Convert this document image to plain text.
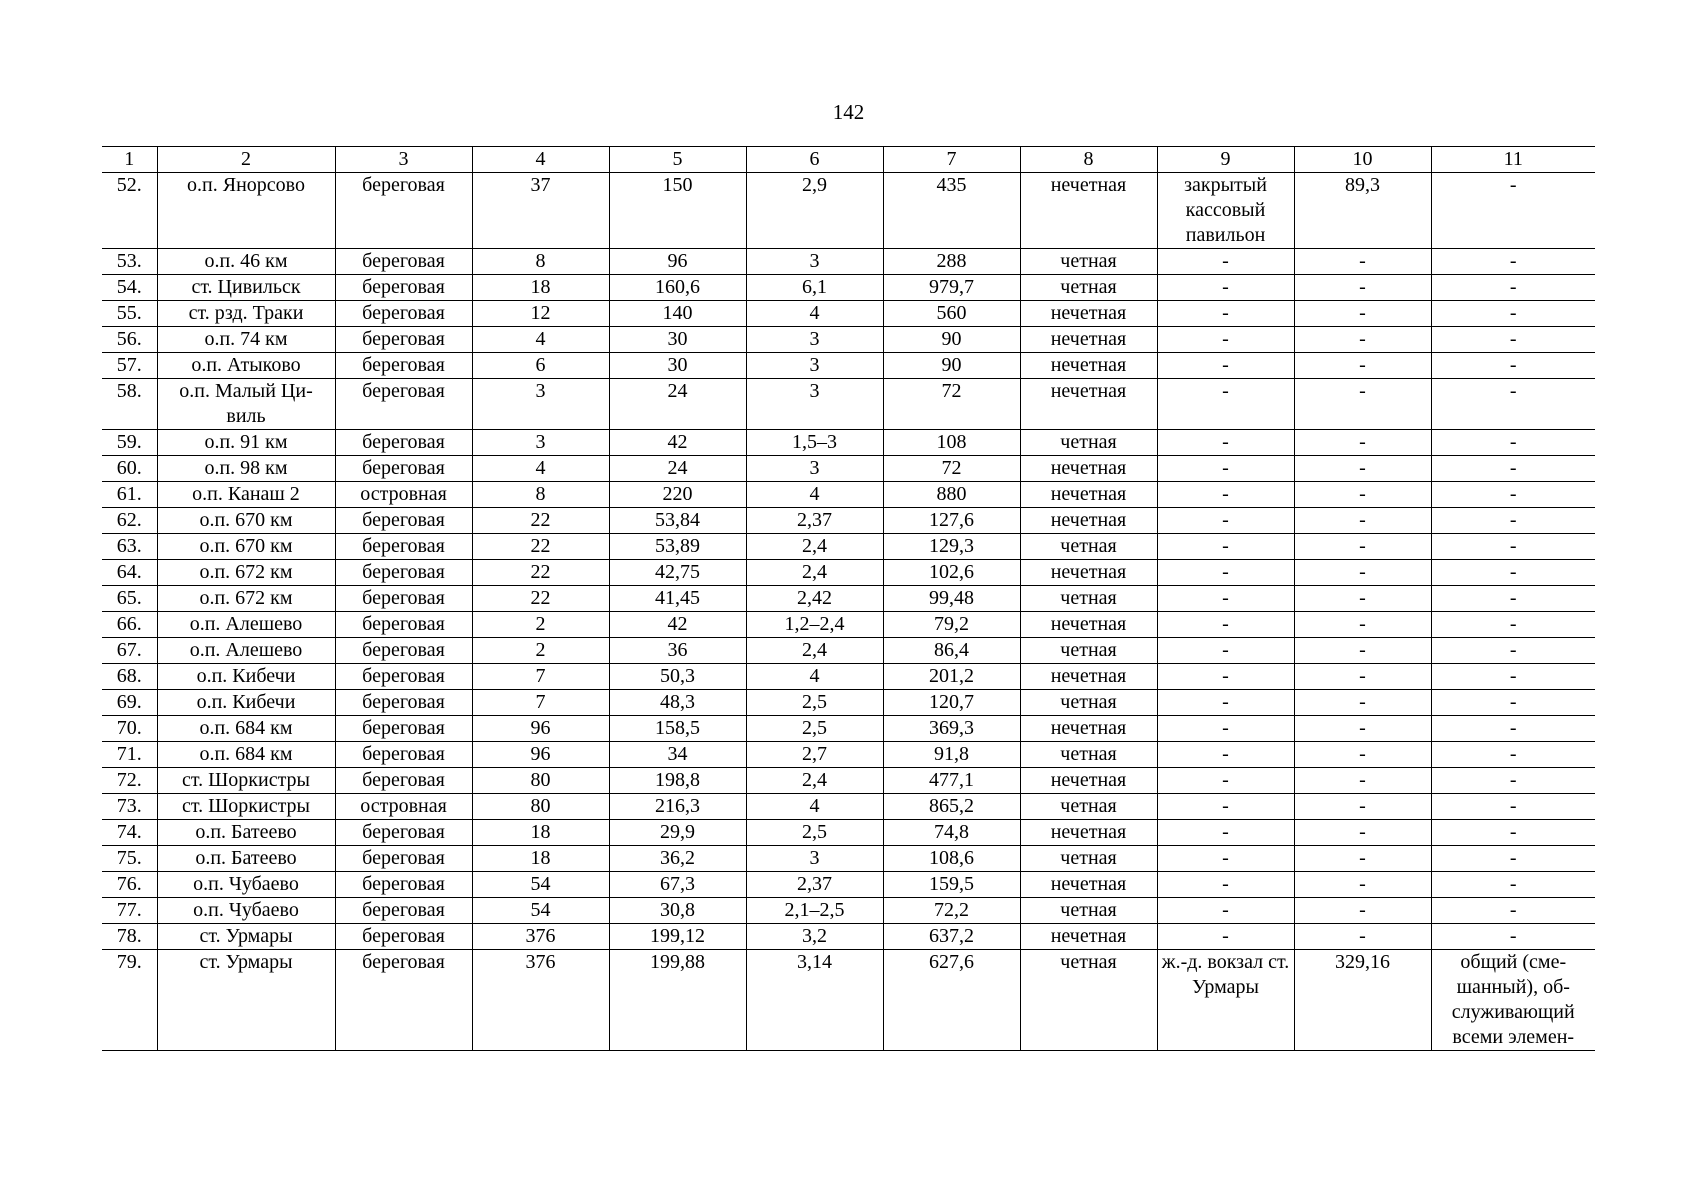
142
1	2	3	4	5	6	7	8	9	10	11
52.	о.п. Янорсово	береговая	37	150	2,9	435	нечетная	закрытый кассовый павильон	89,3	-
53.	о.п. 46 км	береговая	8	96	3	288	четная	-	-	-
54.	ст. Цивильск	береговая	18	160,6	6,1	979,7	четная	-	-	-
55.	ст. рзд. Траки	береговая	12	140	4	560	нечетная	-	-	-
56.	о.п. 74 км	береговая	4	30	3	90	нечетная	-	-	-
57.	о.п. Атыково	береговая	6	30	3	90	нечетная	-	-	-
58.	о.п. Малый Ци-виль	береговая	3	24	3	72	нечетная	-	-	-
59.	о.п. 91 км	береговая	3	42	1,5–3	108	четная	-	-	-
60.	о.п. 98 км	береговая	4	24	3	72	нечетная	-	-	-
61.	о.п. Канаш 2	островная	8	220	4	880	нечетная	-	-	-
62.	о.п. 670 км	береговая	22	53,84	2,37	127,6	нечетная	-	-	-
63.	о.п. 670 км	береговая	22	53,89	2,4	129,3	четная	-	-	-
64.	о.п. 672 км	береговая	22	42,75	2,4	102,6	нечетная	-	-	-
65.	о.п. 672 км	береговая	22	41,45	2,42	99,48	четная	-	-	-
66.	о.п. Алешево	береговая	2	42	1,2–2,4	79,2	нечетная	-	-	-
67.	о.п. Алешево	береговая	2	36	2,4	86,4	четная	-	-	-
68.	о.п. Кибечи	береговая	7	50,3	4	201,2	нечетная	-	-	-
69.	о.п. Кибечи	береговая	7	48,3	2,5	120,7	четная	-	-	-
70.	о.п. 684 км	береговая	96	158,5	2,5	369,3	нечетная	-	-	-
71.	о.п. 684 км	береговая	96	34	2,7	91,8	четная	-	-	-
72.	ст. Шоркистры	береговая	80	198,8	2,4	477,1	нечетная	-	-	-
73.	ст. Шоркистры	островная	80	216,3	4	865,2	четная	-	-	-
74.	о.п. Батеево	береговая	18	29,9	2,5	74,8	нечетная	-	-	-
75.	о.п. Батеево	береговая	18	36,2	3	108,6	четная	-	-	-
76.	о.п. Чубаево	береговая	54	67,3	2,37	159,5	нечетная	-	-	-
77.	о.п. Чубаево	береговая	54	30,8	2,1–2,5	72,2	четная	-	-	-
78.	ст. Урмары	береговая	376	199,12	3,2	637,2	нечетная	-	-	-
79.	ст. Урмары	береговая	376	199,88	3,14	627,6	четная	ж.-д. вокзал ст. Урмары	329,16	общий (сме-шанный), об-служивающий всеми элемен-
